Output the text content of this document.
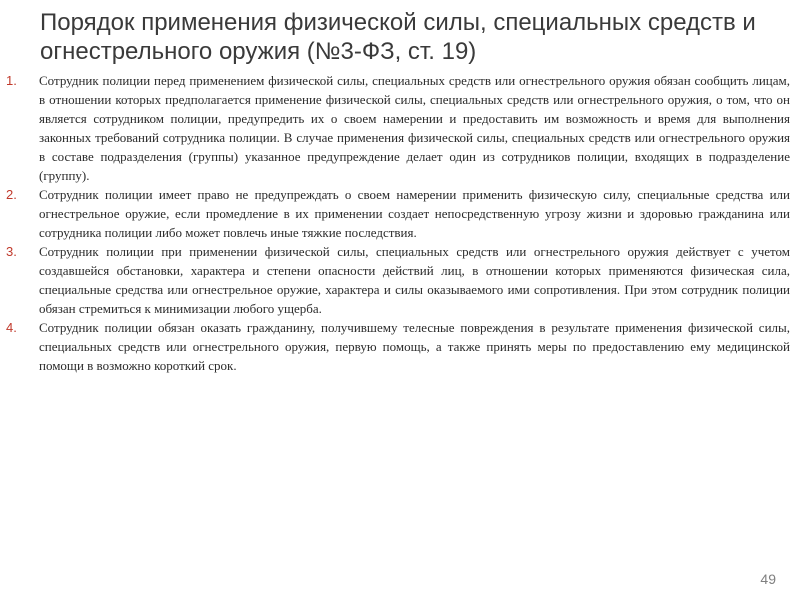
Порядок применения физической силы, специальных средств и огнестрельного оружия (№3-ФЗ, ст. 19)
1. Сотрудник полиции перед применением физической силы, специальных средств или огнестрельного оружия обязан сообщить лицам, в отношении которых предполагается применение физической силы, специальных средств или огнестрельного оружия, о том, что он является сотрудником полиции, предупредить их о своем намерении и предоставить им возможность и время для выполнения законных требований сотрудника полиции. В случае применения физической силы, специальных средств или огнестрельного оружия в составе подразделения (группы) указанное предупреждение делает один из сотрудников полиции, входящих в подразделение (группу).
2. Сотрудник полиции имеет право не предупреждать о своем намерении применить физическую силу, специальные средства или огнестрельное оружие, если промедление в их применении создает непосредственную угрозу жизни и здоровью гражданина или сотрудника полиции либо может повлечь иные тяжкие последствия.
3. Сотрудник полиции при применении физической силы, специальных средств или огнестрельного оружия действует с учетом создавшейся обстановки, характера и степени опасности действий лиц, в отношении которых применяются физическая сила, специальные средства или огнестрельное оружие, характера и силы оказываемого ими сопротивления. При этом сотрудник полиции обязан стремиться к минимизации любого ущерба.
4. Сотрудник полиции обязан оказать гражданину, получившему телесные повреждения в результате применения физической силы, специальных средств или огнестрельного оружия, первую помощь, а также принять меры по предоставлению ему медицинской помощи в возможно короткий срок.
49
